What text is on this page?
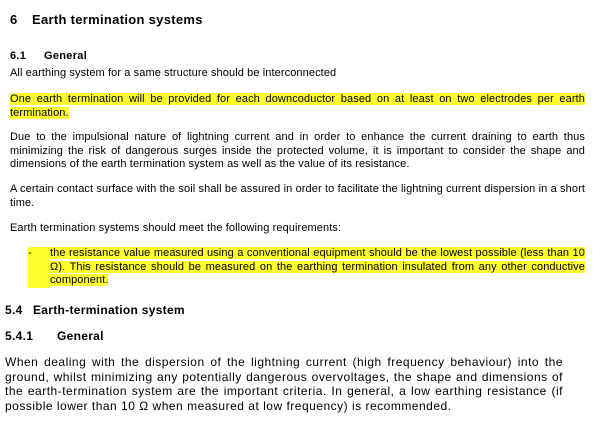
6 Earth termination systems
6.1 General
All earthing system for a same structure should be interconnected
One earth termination will be provided for each downcoductor based on at least on two electrodes per earth termination.
Due to the impulsional nature of lightning current and in order to enhance the current draining to earth thus minimizing the risk of dangerous surges inside the protected volume, it is important to consider the shape and dimensions of the earth termination system as well as the value of its resistance.
A certain contact surface with the soil shall be assured in order to facilitate the lightning current dispersion in a short time.
Earth termination systems should meet the following requirements:
-	the resistance value measured using a conventional equipment should be the lowest possible (less than 10 Ω). This resistance should be measured on the earthing termination insulated from any other conductive component.
5.4 Earth-termination system
5.4.1 General
When dealing with the dispersion of the lightning current (high frequency behaviour) into the ground, whilst minimizing any potentially dangerous overvoltages, the shape and dimensions of the earth-termination system are the important criteria. In general, a low earthing resistance (if possible lower than 10 Ω when measured at low frequency) is recommended.
